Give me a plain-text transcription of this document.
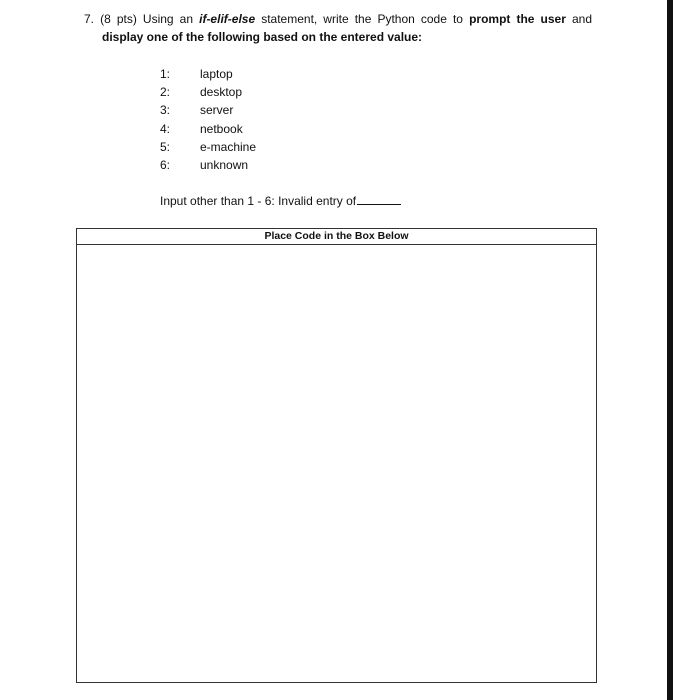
7. (8 pts) Using an if-elif-else statement, write the Python code to prompt the user and
display one of the following based on the entered value:
1:	laptop
2:	desktop
3:	server
4:	netbook
5:	e-machine
6:	unknown
Input other than 1 - 6: Invalid entry of
Place Code in the Box Below
